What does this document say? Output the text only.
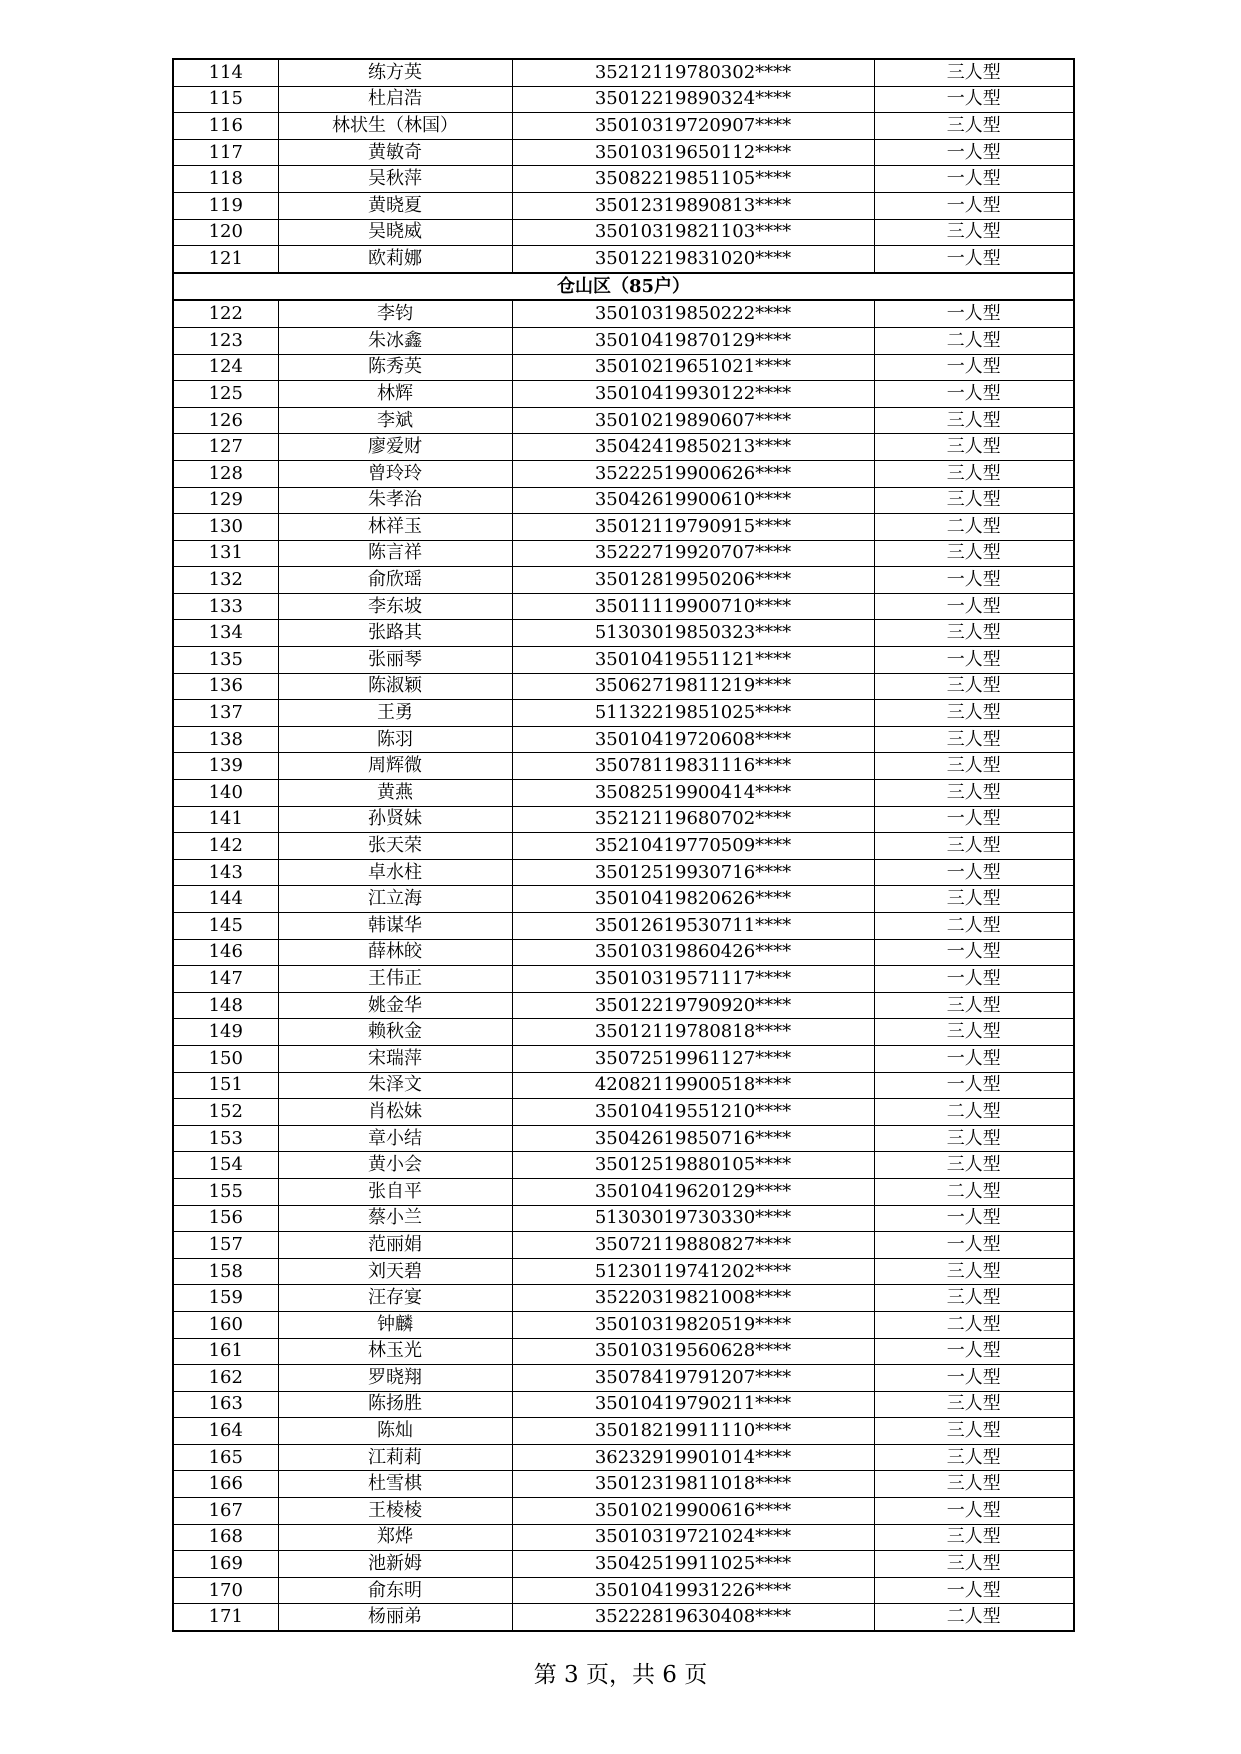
114	练方英	35212119780302****	三人型
115	杜启浩	35012219890324****	一人型
116	林状生（林国）	35010319720907****	三人型
117	黄敏奇	35010319650112****	一人型
118	吴秋萍	35082219851105****	一人型
119	黄晓夏	35012319890813****	一人型
120	吴晓威	35010319821103****	三人型
121	欧莉娜	35012219831020****	一人型
仓山区（85户）			
122	李钧	35010319850222****	一人型
123	朱冰鑫	35010419870129****	二人型
124	陈秀英	35010219651021****	一人型
125	林辉	35010419930122****	一人型
126	李斌	35010219890607****	三人型
127	廖爱财	35042419850213****	三人型
128	曾玲玲	35222519900626****	三人型
129	朱孝治	35042619900610****	三人型
130	林祥玉	35012119790915****	二人型
131	陈言祥	35222719920707****	三人型
132	俞欣瑶	35012819950206****	一人型
133	李东坡	35011119900710****	一人型
134	张路其	51303019850323****	三人型
135	张丽琴	35010419551121****	一人型
136	陈淑颖	35062719811219****	三人型
137	王勇	51132219851025****	三人型
138	陈羽	35010419720608****	三人型
139	周辉微	35078119831116****	三人型
140	黄燕	35082519900414****	三人型
141	孙贤妹	35212119680702****	一人型
142	张天荣	35210419770509****	三人型
143	卓水柱	35012519930716****	一人型
144	江立海	35010419820626****	三人型
145	韩谋华	35012619530711****	二人型
146	薛林皎	35010319860426****	一人型
147	王伟正	35010319571117****	一人型
148	姚金华	35012219790920****	三人型
149	赖秋金	35012119780818****	三人型
150	宋瑞萍	35072519961127****	一人型
151	朱泽文	42082119900518****	一人型
152	肖松妹	35010419551210****	二人型
153	章小结	35042619850716****	三人型
154	黄小会	35012519880105****	三人型
155	张自平	35010419620129****	二人型
156	蔡小兰	51303019730330****	一人型
157	范丽娟	35072119880827****	一人型
158	刘天碧	51230119741202****	三人型
159	汪存宴	35220319821008****	三人型
160	钟麟	35010319820519****	二人型
161	林玉光	35010319560628****	一人型
162	罗晓翔	35078419791207****	一人型
163	陈扬胜	35010419790211****	三人型
164	陈灿	35018219911110****	三人型
165	江莉莉	36232919901014****	三人型
166	杜雪棋	35012319811018****	三人型
167	王棱棱	35010219900616****	一人型
168	郑烨	35010319721024****	三人型
169	池新姆	35042519911025****	三人型
170	俞东明	35010419931226****	一人型
171	杨丽弟	35222819630408****	二人型
第 3 页，共 6 页
